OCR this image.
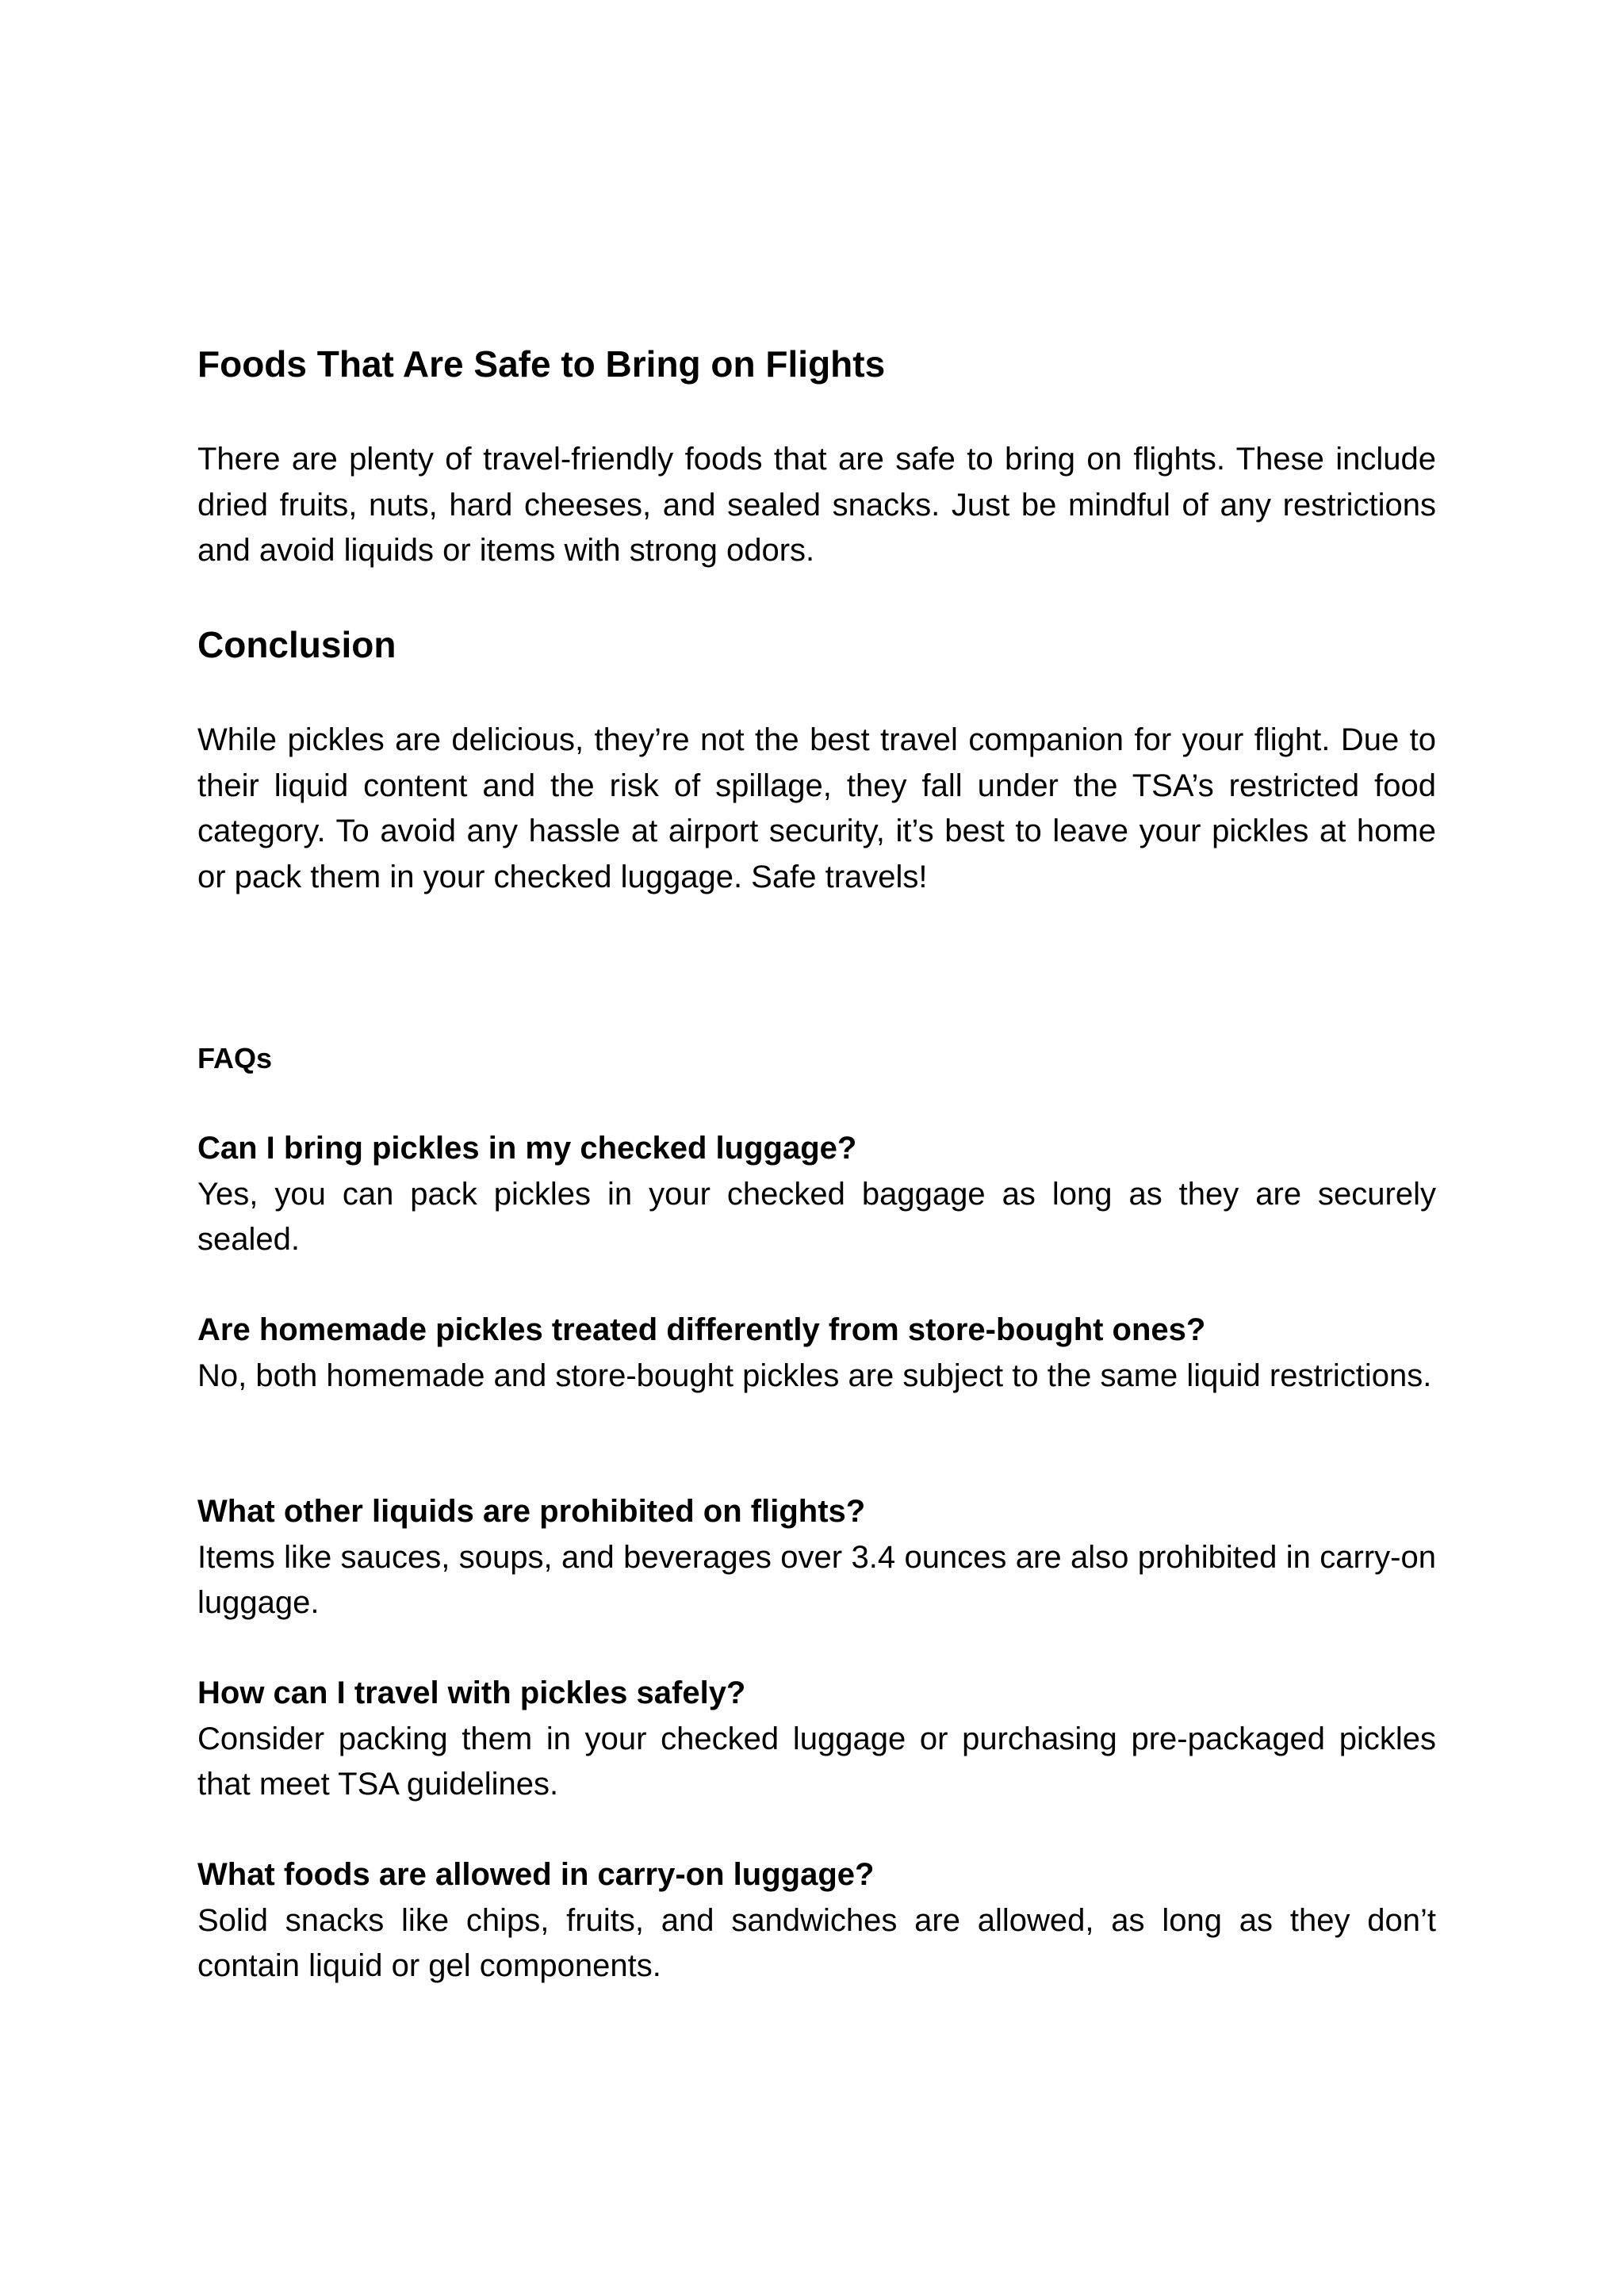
Foods That Are Safe to Bring on Flights

There are plenty of travel-friendly foods that are safe to bring on flights. These include dried fruits, nuts, hard cheeses, and sealed snacks. Just be mindful of any restrictions and avoid liquids or items with strong odors.

Conclusion

While pickles are delicious, they’re not the best travel companion for your flight. Due to their liquid content and the risk of spillage, they fall under the TSA’s restricted food category. To avoid any hassle at airport security, it’s best to leave your pickles at home or pack them in your checked luggage. Safe travels!

FAQs

Can I bring pickles in my checked luggage?

Yes, you can pack pickles in your checked baggage as long as they are securely sealed.

Are homemade pickles treated differently from store-bought ones?

No, both homemade and store-bought pickles are subject to the same liquid restrictions.

What other liquids are prohibited on flights?

Items like sauces, soups, and beverages over 3.4 ounces are also prohibited in carry-on luggage.

How can I travel with pickles safely?

Consider packing them in your checked luggage or purchasing pre-packaged pickles that meet TSA guidelines.

What foods are allowed in carry-on luggage?

Solid snacks like chips, fruits, and sandwiches are allowed, as long as they don’t contain liquid or gel components.
